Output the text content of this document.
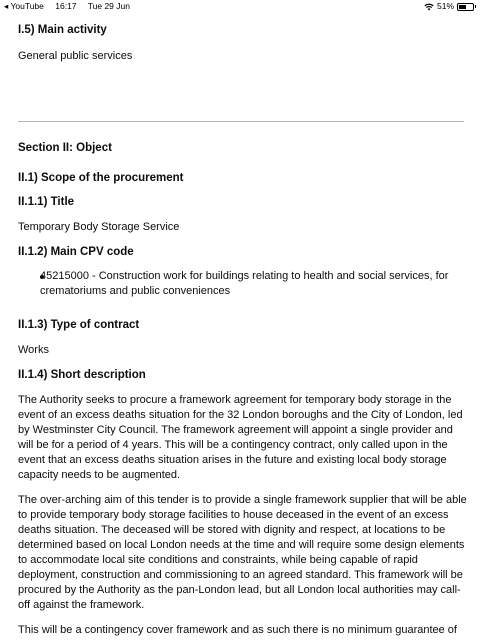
◂ YouTube 16:17 Tue 29 Jun	51%
I.5) Main activity
General public services
Section II: Object
II.1) Scope of the procurement
II.1.1) Title
Temporary Body Storage Service
II.1.2) Main CPV code
45215000 - Construction work for buildings relating to health and social services, for
crematoriums and public conveniences
II.1.3) Type of contract
Works
II.1.4) Short description
The Authority seeks to procure a framework agreement for temporary body storage in the
event of an excess deaths situation for the 32 London boroughs and the City of London, led
by Westminster City Council. The framework agreement will appoint a single provider and
will be for a period of 4 years. This will be a contingency contract, only called upon in the
event that an excess deaths situation arises in the future and existing local body storage
capacity needs to be augmented.
The over-arching aim of this tender is to provide a single framework supplier that will be able
to provide temporary body storage facilities to house deceased in the event of an excess
deaths situation. The deceased will be stored with dignity and respect, at locations to be
determined based on local London needs at the time and will require some design elements
to accommodate local site conditions and constraints, while being capable of rapid
deployment, construction and commissioning to an agreed standard. This framework will be
procured by the Authority as the pan-London lead, but all London local authorities may call-
off against the framework.
This will be a contingency cover framework and as such there is no minimum guarantee of
